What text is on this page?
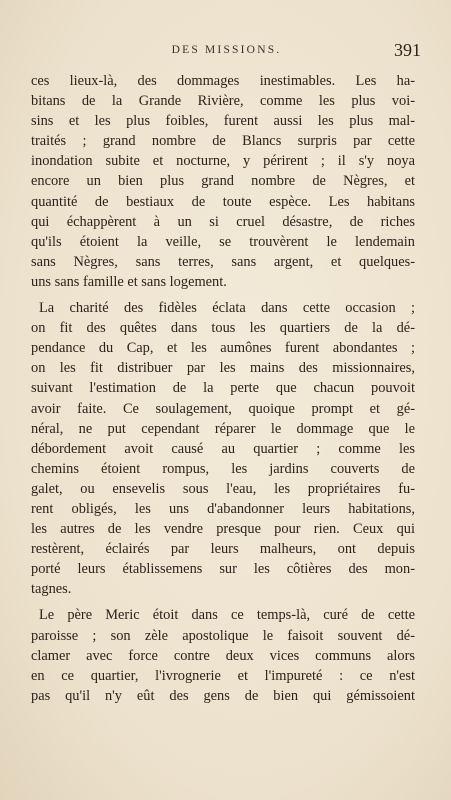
DES MISSIONS.	391
ces lieux-là, des dommages inestimables. Les ha-
bitans de la Grande Rivière, comme les plus voi-
sins et les plus foibles, furent aussi les plus mal-
traités ; grand nombre de Blancs surpris par cette
inondation subite et nocturne, y périrent ; il s'y noya
encore un bien plus grand nombre de Nègres, et
quantité de bestiaux de toute espèce. Les habitans
qui échappèrent à un si cruel désastre, de riches
qu'ils étoient la veille, se trouvèrent le lendemain
sans Nègres, sans terres, sans argent, et quelques-
uns sans famille et sans logement.
La charité des fidèles éclata dans cette occasion ;
on fit des quêtes dans tous les quartiers de la dé-
pendance du Cap, et les aumônes furent abondantes ;
on les fit distribuer par les mains des missionnaires,
suivant l'estimation de la perte que chacun pouvoit
avoir faite. Ce soulagement, quoique prompt et gé-
néral, ne put cependant réparer le dommage que le
débordement avoit causé au quartier ; comme les
chemins étoient rompus, les jardins couverts de
galet, ou ensevelis sous l'eau, les propriétaires fu-
rent obligés, les uns d'abandonner leurs habitations,
les autres de les vendre presque pour rien. Ceux qui
restèrent, éclairés par leurs malheurs, ont depuis
porté leurs établissemens sur les côtières des mon-
tagnes.
Le père Meric étoit dans ce temps-là, curé de cette
paroisse ; son zèle apostolique le faisoit souvent dé-
clamer avec force contre deux vices communs alors
en ce quartier, l'ivrognerie et l'impureté : ce n'est
pas qu'il n'y eût des gens de bien qui gémissoient
